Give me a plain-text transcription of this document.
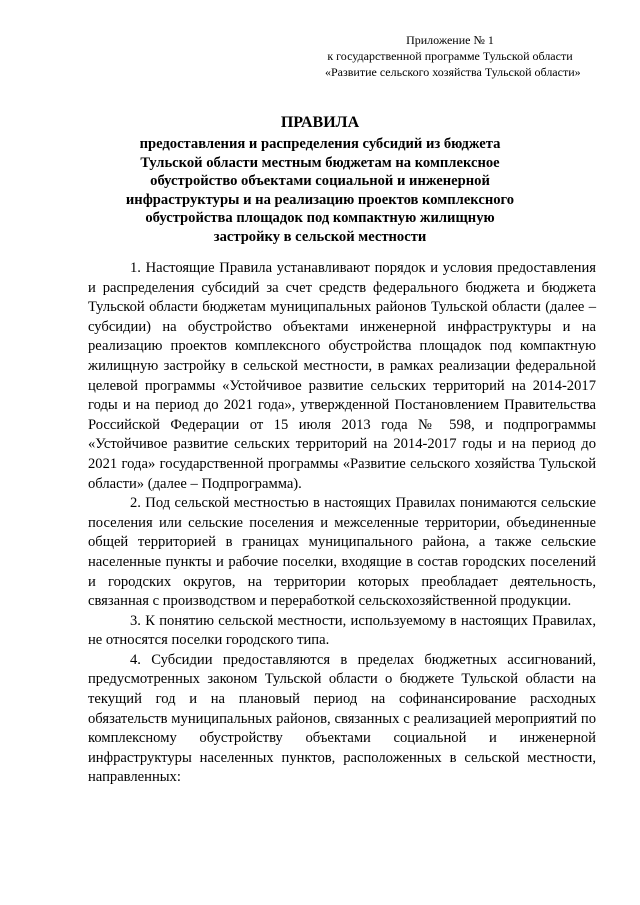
Приложение № 1
к государственной программе Тульской области
«Развитие сельского хозяйства Тульской области»
ПРАВИЛА
предоставления и распределения субсидий из бюджета
Тульской области местным бюджетам на комплексное
обустройство объектами социальной и инженерной
инфраструктуры и на реализацию проектов комплексного
обустройства площадок под компактную жилищную
застройку в сельской местности

1. Настоящие Правила устанавливают порядок и условия предоставления и распределения субсидий за счет средств федерального бюджета и бюджета Тульской области бюджетам муниципальных районов Тульской области (далее – субсидии) на обустройство объектами инженерной инфраструктуры и на реализацию проектов комплексного обустройства площадок под компактную жилищную застройку в сельской местности, в рамках реализации федеральной целевой программы «Устойчивое развитие сельских территорий на 2014-2017 годы и на период до 2021 года», утвержденной Постановлением Правительства Российской Федерации от 15 июля 2013 года № 598, и подпрограммы «Устойчивое развитие сельских территорий на 2014-2017 годы и на период до 2021 года» государственной программы «Развитие сельского хозяйства Тульской области» (далее – Подпрограмма).

2. Под сельской местностью в настоящих Правилах понимаются сельские поселения или сельские поселения и межселенные территории, объединенные общей территорией в границах муниципального района, а также сельские населенные пункты и рабочие поселки, входящие в состав городских поселений и городских округов, на территории которых преобладает деятельность, связанная с производством и переработкой сельскохозяйственной продукции.

3. К понятию сельской местности, используемому в настоящих Правилах, не относятся поселки городского типа.

4. Субсидии предоставляются в пределах бюджетных ассигнований, предусмотренных законом Тульской области о бюджете Тульской области на текущий год и на плановый период на софинансирование расходных обязательств муниципальных районов, связанных с реализацией мероприятий по комплексному обустройству объектами социальной и инженерной инфраструктуры населенных пунктов, расположенных в сельской местности, направленных:
